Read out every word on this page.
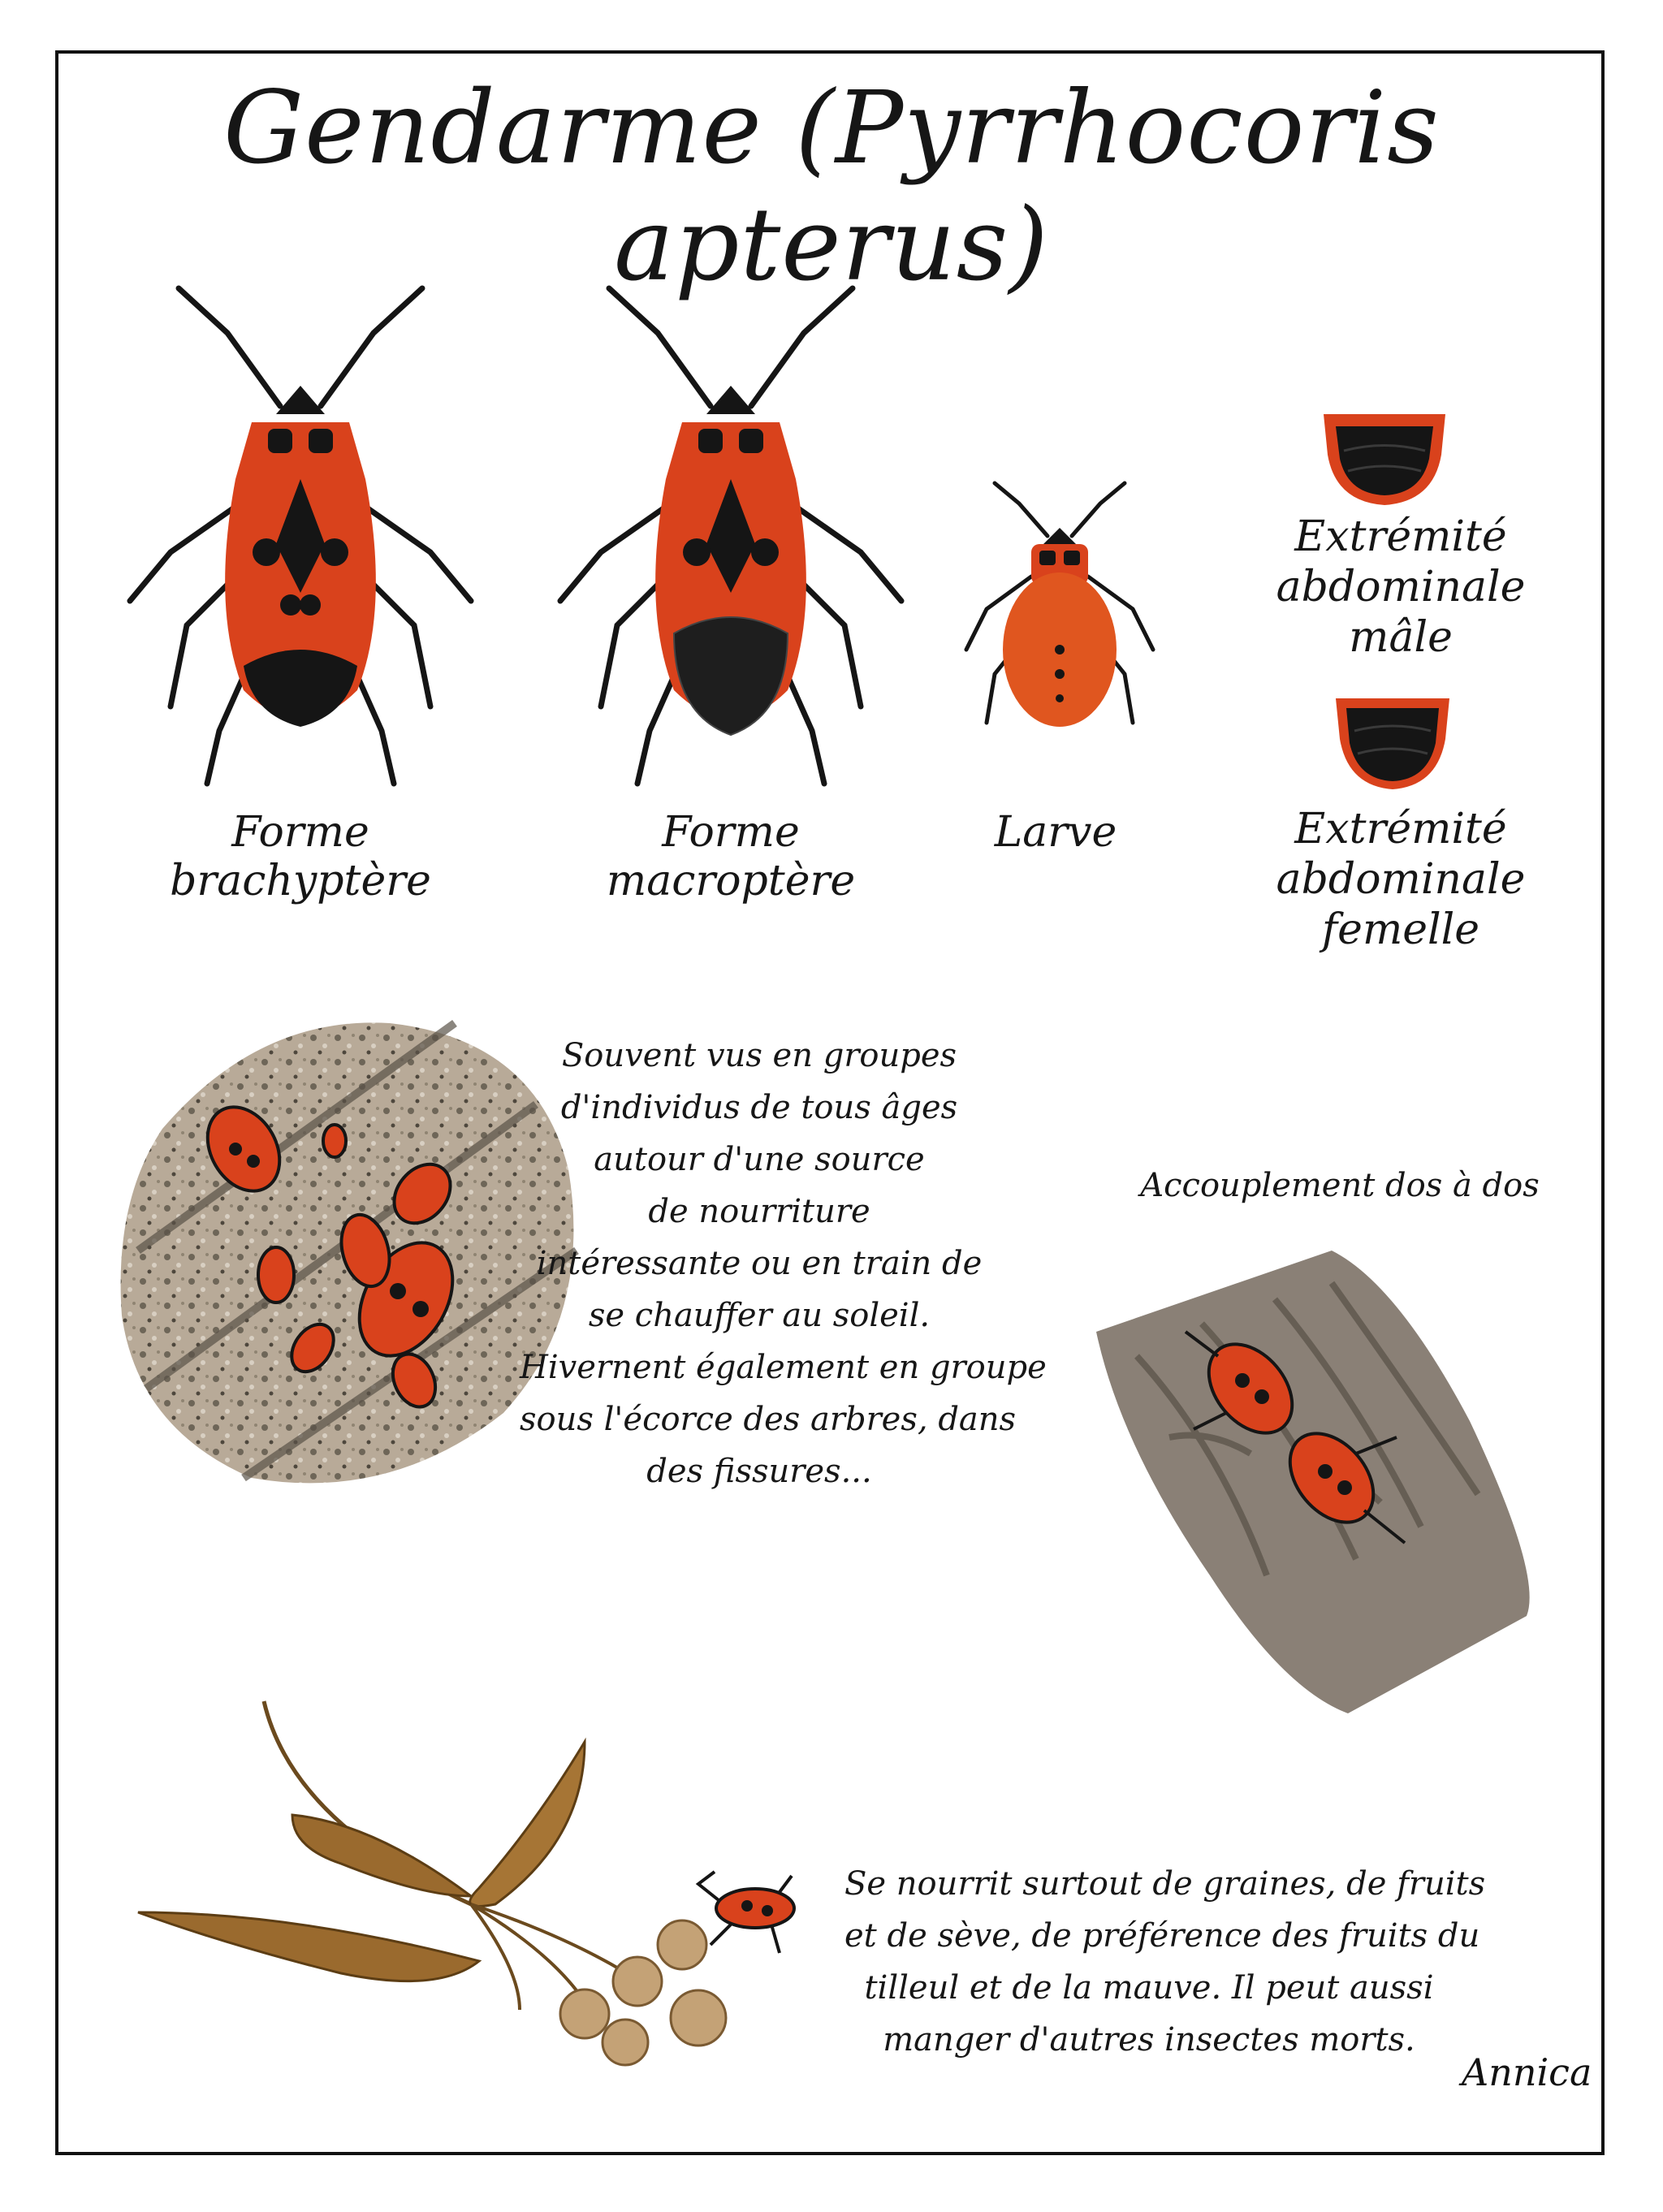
Gendarme (Pyrrhocoris apterus)
Forme brachyptère
Forme macroptère
Larve
Extrémité abdominale
mâle
Extrémité abdominale
femelle
Souvent vus en groupes
d'individus de tous âges
autour d'une source
de nourriture
intéressante ou en train de
se chauffer au soleil.
Hivernent également en groupe
sous l'écorce des arbres, dans
des fissures...
Accouplement dos à dos
Se nourrit surtout de graines, de fruits
et de sève, de préférence des fruits du
tilleul et de la mauve. Il peut aussi
manger d'autres insectes morts.
Annica
